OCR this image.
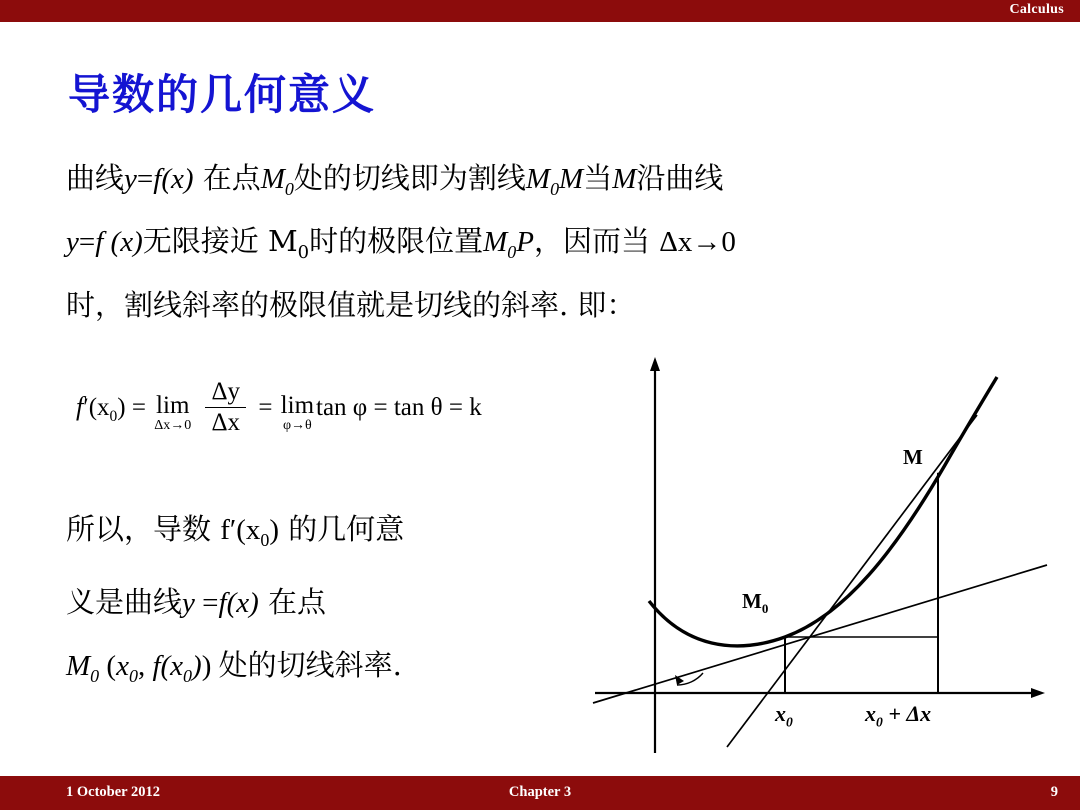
Calculus
导数的几何意义
曲线y=f(x) 在点$M_0$处的切线即为割线$M_0M$当M沿曲线
y=f (x)无限接近 $M_0$时的极限位置$M_0P$，因而当 Δx→0
时，割线斜率的极限值就是切线的斜率. 即：
$f'(x_0) = \lim$
Δx→0
$\frac{\Delta y}{\Delta x} = \lim$
φ→θ
tan φ = tan θ = k
所以，导数 $f'(x_0)$ 的几何意
义是曲线y =f(x) 在点
$M_0$ ($x_0$, $f(x_0)$) 处的切线斜率.
M
$M_0$
$x_0$	$x_0 + \Delta x$
1 October 2012	Chapter 3	9
